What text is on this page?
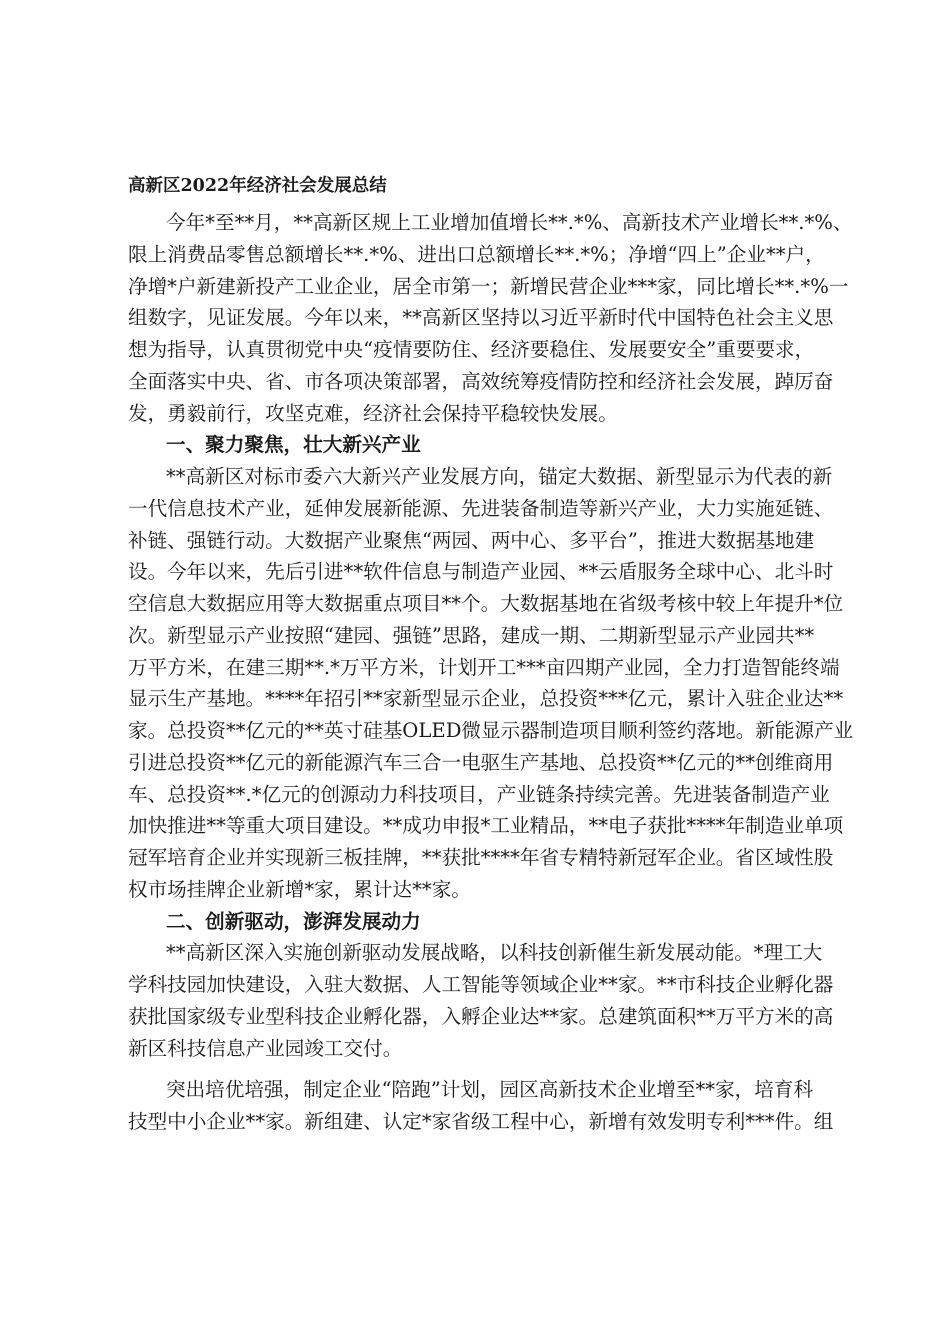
高新区2022年经济社会发展总结
今年*至**月，**高新区规上工业增加值增长**.*%、高新技术产业增长**.*%、
限上消费品零售总额增长**.*%、进出口总额增长**.*%；净增“四上”企业**户，
净增*户新建新投产工业企业，居全市第一；新增民营企业***家，同比增长**.*%一
组数字，见证发展。今年以来，**高新区坚持以习近平新时代中国特色社会主义思
想为指导，认真贯彻党中央“疫情要防住、经济要稳住、发展要安全”重要要求，
全面落实中央、省、市各项决策部署，高效统筹疫情防控和经济社会发展，踔厉奋
发，勇毅前行，攻坚克难，经济社会保持平稳较快发展。
一、聚力聚焦，壮大新兴产业
**高新区对标市委六大新兴产业发展方向，锚定大数据、新型显示为代表的新
一代信息技术产业，延伸发展新能源、先进装备制造等新兴产业，大力实施延链、
补链、强链行动。大数据产业聚焦“两园、两中心、多平台”，推进大数据基地建
设。今年以来，先后引进**软件信息与制造产业园、**云盾服务全球中心、北斗时
空信息大数据应用等大数据重点项目**个。大数据基地在省级考核中较上年提升*位
次。新型显示产业按照“建园、强链”思路，建成一期、二期新型显示产业园共**
万平方米，在建三期**.*万平方米，计划开工***亩四期产业园，全力打造智能终端
显示生产基地。****年招引**家新型显示企业，总投资***亿元，累计入驻企业达**
家。总投资**亿元的**英寸硅基OLED微显示器制造项目顺利签约落地。新能源产业
引进总投资**亿元的新能源汽车三合一电驱生产基地、总投资**亿元的**创维商用
车、总投资**.*亿元的创源动力科技项目，产业链条持续完善。先进装备制造产业
加快推进**等重大项目建设。**成功申报*工业精品，**电子获批****年制造业单项
冠军培育企业并实现新三板挂牌，**获批****年省专精特新冠军企业。省区域性股
权市场挂牌企业新增*家，累计达**家。
二、创新驱动，澎湃发展动力
**高新区深入实施创新驱动发展战略，以科技创新催生新发展动能。*理工大
学科技园加快建设，入驻大数据、人工智能等领域企业**家。**市科技企业孵化器
获批国家级专业型科技企业孵化器，入孵企业达**家。总建筑面积**万平方米的高
新区科技信息产业园竣工交付。
突出培优培强，制定企业“陪跑”计划，园区高新技术企业增至**家，培育科
技型中小企业**家。新组建、认定*家省级工程中心，新增有效发明专利***件。组
